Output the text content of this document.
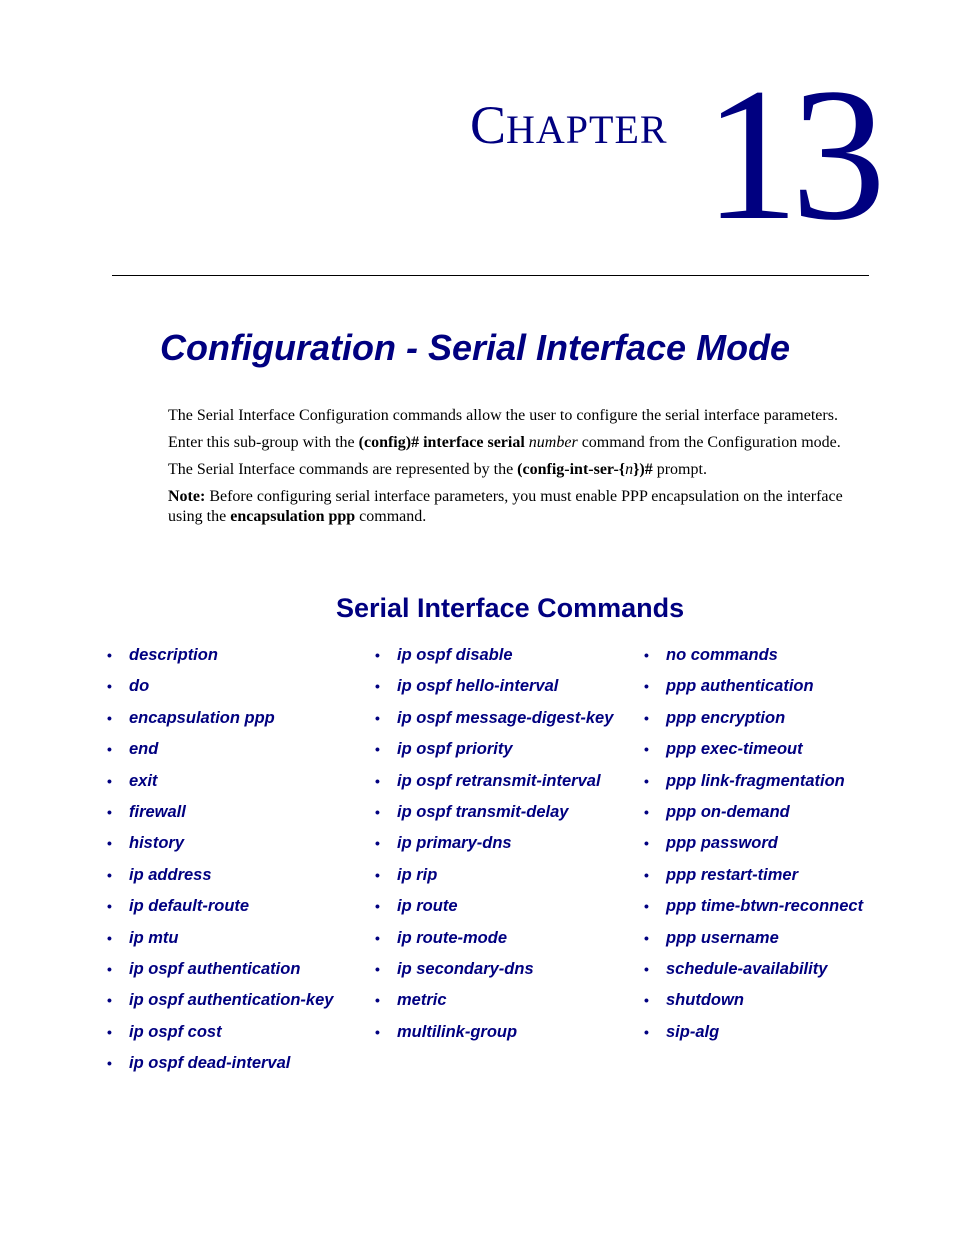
CHAPTER 13
Configuration - Serial Interface Mode

The Serial Interface Configuration commands allow the user to configure the serial interface parameters.

Enter this sub-group with the (config)# interface serial number command from the Configuration mode.

The Serial Interface commands are represented by the (config-int-ser-{n})# prompt.

Note: Before configuring serial interface parameters, you must enable PPP encapsulation on the interface using the encapsulation ppp command.

Serial Interface Commands
• description
• do
• encapsulation ppp
• end
• exit
• firewall
• history
• ip address
• ip default-route
• ip mtu
• ip ospf authentication
• ip ospf authentication-key
• ip ospf cost
• ip ospf dead-interval
• ip ospf disable
• ip ospf hello-interval
• ip ospf message-digest-key
• ip ospf priority
• ip ospf retransmit-interval
• ip ospf transmit-delay
• ip primary-dns
• ip rip
• ip route
• ip route-mode
• ip secondary-dns
• metric
• multilink-group
• no commands
• ppp authentication
• ppp encryption
• ppp exec-timeout
• ppp link-fragmentation
• ppp on-demand
• ppp password
• ppp restart-timer
• ppp time-btwn-reconnect
• ppp username
• schedule-availability
• shutdown
• sip-alg
